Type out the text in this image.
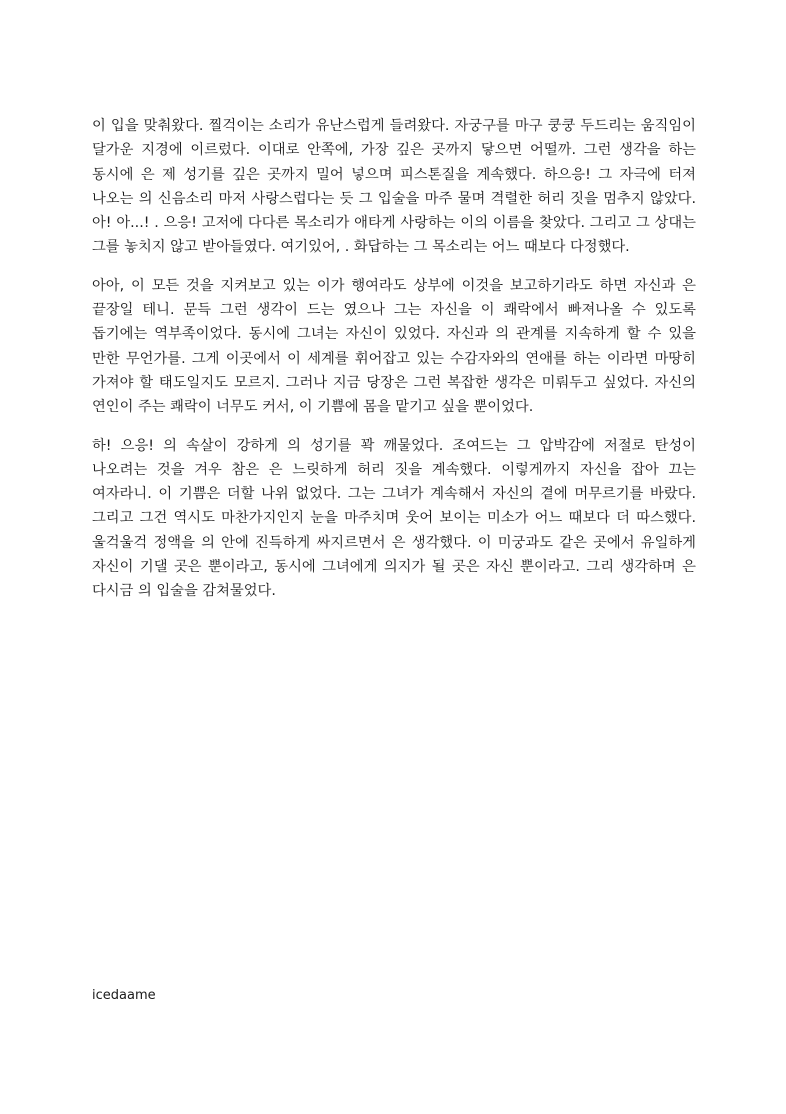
이 입을 맞춰왔다. 찔걱이는 소리가 유난스럽게 들려왔다. 자궁구를 마구 쿵쿵 두드리는 움직임이 달가운 지경에 이르렀다. 이대로 안쪽에, 가장 깊은 곳까지 닿으면 어떨까. 그런 생각을 하는 동시에 은 제 성기를 깊은 곳까지 밀어 넣으며 피스톤질을 계속했다. 하으응! 그 자극에 터져 나오는 의 신음소리 마저 사랑스럽다는 듯 그 입술을 마주 물며 격렬한 허리 짓을 멈추지 않았다. 아! 아...! . 으응! 고저에 다다른 목소리가 애타게 사랑하는 이의 이름을 찾았다. 그리고 그 상대는 그를 놓치지 않고 받아들였다. 여기있어, . 화답하는 그 목소리는 어느 때보다 다정했다.

아아, 이 모든 것을 지켜보고 있는 이가 행여라도 상부에 이것을 보고하기라도 하면 자신과 은 끝장일 테니. 문득 그런 생각이 드는 였으나 그는 자신을 이 쾌락에서 빠져나올 수 있도록 돕기에는 역부족이었다. 동시에 그녀는 자신이 있었다. 자신과 의 관계를 지속하게 할 수 있을 만한 무언가를. 그게 이곳에서 이 세계를 휘어잡고 있는 수감자와의 연애를 하는 이라면 마땅히 가져야 할 태도일지도 모르지. 그러나 지금 당장은 그런 복잡한 생각은 미뤄두고 싶었다. 자신의 연인이 주는 쾌락이 너무도 커서, 이 기쁨에 몸을 맡기고 싶을 뿐이었다.

하! 으응! 의 속살이 강하게 의 성기를 꽉 깨물었다. 조여드는 그 압박감에 저절로 탄성이 나오려는 것을 겨우 참은 은 느릿하게 허리 짓을 계속했다. 이렇게까지 자신을 잡아 끄는 여자라니. 이 기쁨은 더할 나위 없었다. 그는 그녀가 계속해서 자신의 곁에 머무르기를 바랐다. 그리고 그건 역시도 마찬가지인지 눈을 마주치며 웃어 보이는 미소가 어느 때보다 더 따스했다. 울걱울걱 정액을 의 안에 진득하게 싸지르면서 은 생각했다. 이 미궁과도 같은 곳에서 유일하게 자신이 기댈 곳은 뿐이라고, 동시에 그녀에게 의지가 될 곳은 자신 뿐이라고. 그리 생각하며 은 다시금 의 입술을 감쳐물었다.

icedaame
